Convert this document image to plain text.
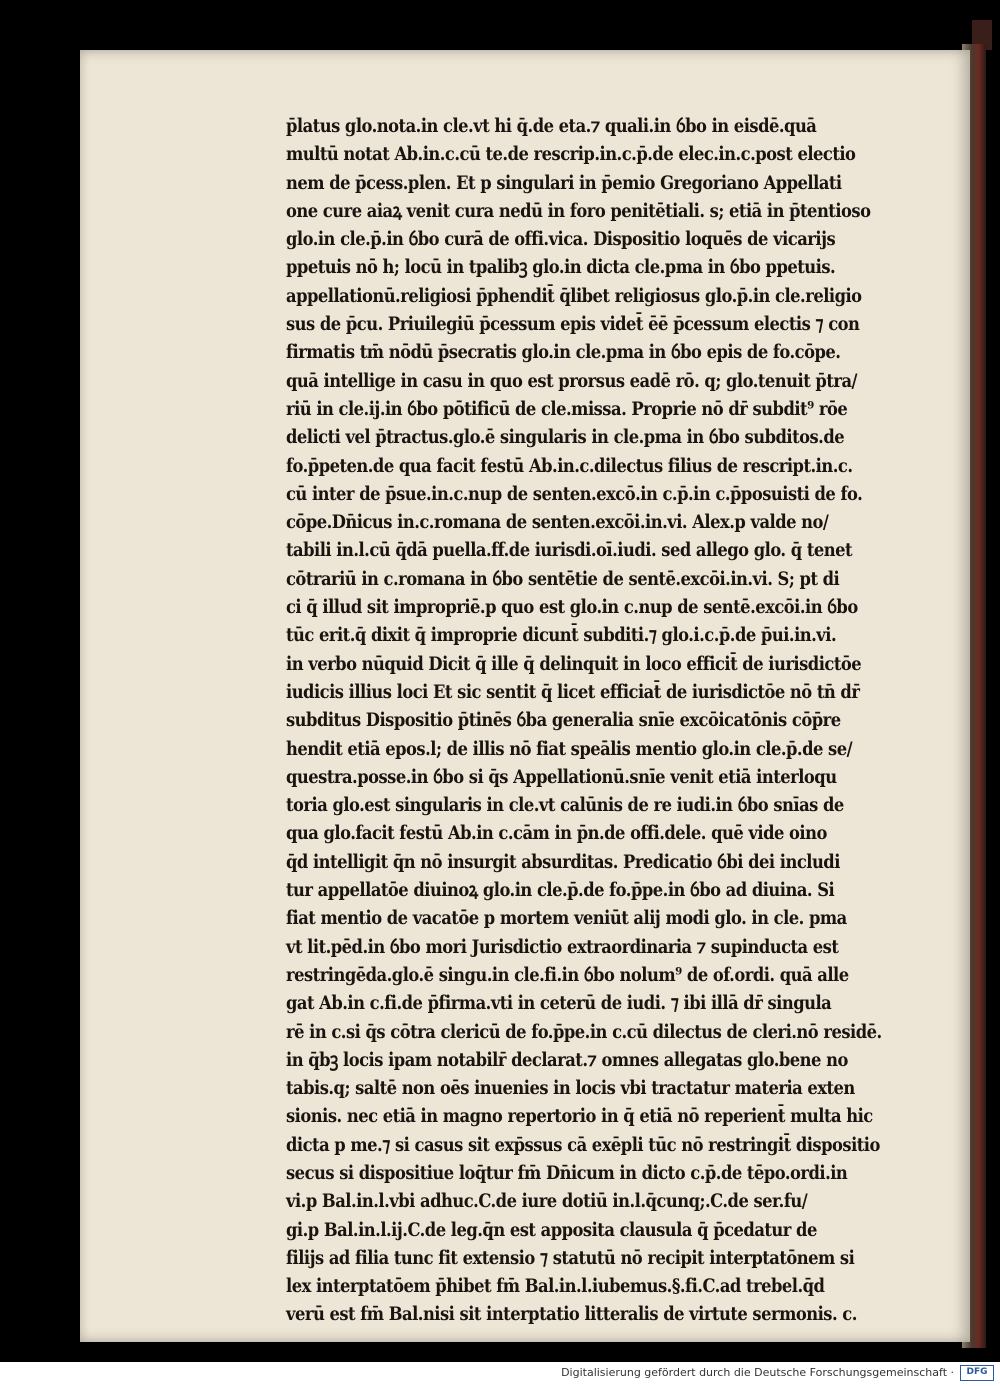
p̄latus glo.nota.in cle.vt hi q̄.de eta.⁊ quali.in ỽbo in eisdē.quā
multū notat Ab.in.c.cū te.de rescrip.in.c.p̄.de elec.in.c.post electio
nem de p̄cess.plen. Et p singulari in p̄emio Gregoriano Appellati
one cure aiaꝝ venit cura nedū in foro penitētiali. s; etiā in p̄tentioso
glo.in cle.p̄.in ỽbo curā de offi.vica. Dispositio loquēs de vicarijs
ppetuis nō h; locū in tpalibꝫ glo.in dicta cle.pma in ỽbo ppetuis.
appellationū.religiosi p̄phendit̄ q̄libet religiosus glo.p̄.in cle.religio
sus de p̄cu. Priuilegiū p̄cessum epis videt̄ ēē p̄cessum electis ⁊ con
firmatis tm̄ nōdū p̄secratis glo.in cle.pma in ỽbo epis de fo.cōpe.
quā intellige in casu in quo est prorsus eadē rō. q; glo.tenuit p̄tra/
riū in cle.ij.in ỽbo pōtificū de cle.missa. Proprie nō dr̄ subdit⁹ rōe
delicti vel p̄tractus.glo.ē singularis in cle.pma in ỽbo subditos.de
fo.p̄peten.de qua facit festū Ab.in.c.dilectus filius de rescript.in.c.
cū inter de p̄sue.in.c.nup de senten.excō.in c.p̄.in c.p̄posuisti de fo.
cōpe.Dn̄icus in.c.romana de senten.excōi.in.vi. Alex.p valde no/
tabili in.l.cū q̄dā puella.ff.de iurisdi.oī.iudi. sed allego glo. q̄ tenet
cōtrariū in c.romana in ỽbo sentētie de sentē.excōi.in.vi. S; pt di
ci q̄ illud sit impropriē.p quo est glo.in c.nup de sentē.excōi.in ỽbo
tūc erit.q̄ dixit q̄ improprie dicunt̄ subditi.⁊ glo.i.c.p̄.de p̄ui.in.vi.
in verbo nūquid Dicit q̄ ille q̄ delinquit in loco efficit̄ de iurisdictōe
iudicis illius loci Et sic sentit q̄ licet efficiat̄ de iurisdictōe nō tn̄ dr̄
subditus Dispositio p̄tinēs ỽba generalia snīe excōicatōnis cōp̄re
hendit etiā epos.l; de illis nō fiat speālis mentio glo.in cle.p̄.de se/
questra.posse.in ỽbo si q̄s Appellationū.snīe venit etiā interloqu
toria glo.est singularis in cle.vt calūnis de re iudi.in ỽbo snīas de
qua glo.facit festū Ab.in c.cām in p̄n.de offi.dele. quē vide oino
q̄d intelligit q̄n nō insurgit absurditas. Predicatio ỽbi dei includi
tur appellatōe diuinoꝝ glo.in cle.p̄.de fo.p̄pe.in ỽbo ad diuina. Si
fiat mentio de vacatōe p mortem veniūt alij modi glo. in cle. pma
vt lit.pēd.in ỽbo mori Jurisdictio extraordinaria ⁊ supinducta est
restringēda.glo.ē singu.in cle.fi.in ỽbo nolum⁹ de of.ordi. quā alle
gat Ab.in c.fi.de p̄firma.vti in ceterū de iudi. ⁊ ibi illā dr̄ singula
rē in c.si q̄s cōtra clericū de fo.p̄pe.in c.cū dilectus de cleri.nō residē.
in q̄bꝫ locis ipam notabilr̄ declarat.⁊ omnes allegatas glo.bene no
tabis.q; saltē non oēs inuenies in locis vbi tractatur materia exten
sionis. nec etiā in magno repertorio in q̄ etiā nō reperient̄ multa hic
dicta p me.⁊ si casus sit exp̄ssus cā exēpli tūc nō restringit̄ dispositio
secus si dispositiue loq̄tur fm̄ Dn̄icum in dicto c.p̄.de tēpo.ordi.in
vi.p Bal.in.l.vbi adhuc.C.de iure dotiū in.l.q̄cunq;.C.de ser.fu/
gi.p Bal.in.l.ij.C.de leg.q̄n est apposita clausula q̄ p̄cedatur de
filijs ad filia tunc fit extensio ⁊ statutū nō recipit interptatōnem si
lex interptatōem p̄hibet fm̄ Bal.in.l.iubemus.§.fi.C.ad trebel.q̄d
verū est fm̄ Bal.nisi sit interptatio litteralis de virtute sermonis. c.
Digitalisierung gefördert durch die Deutsche Forschungsgemeinschaft ·	DFG
